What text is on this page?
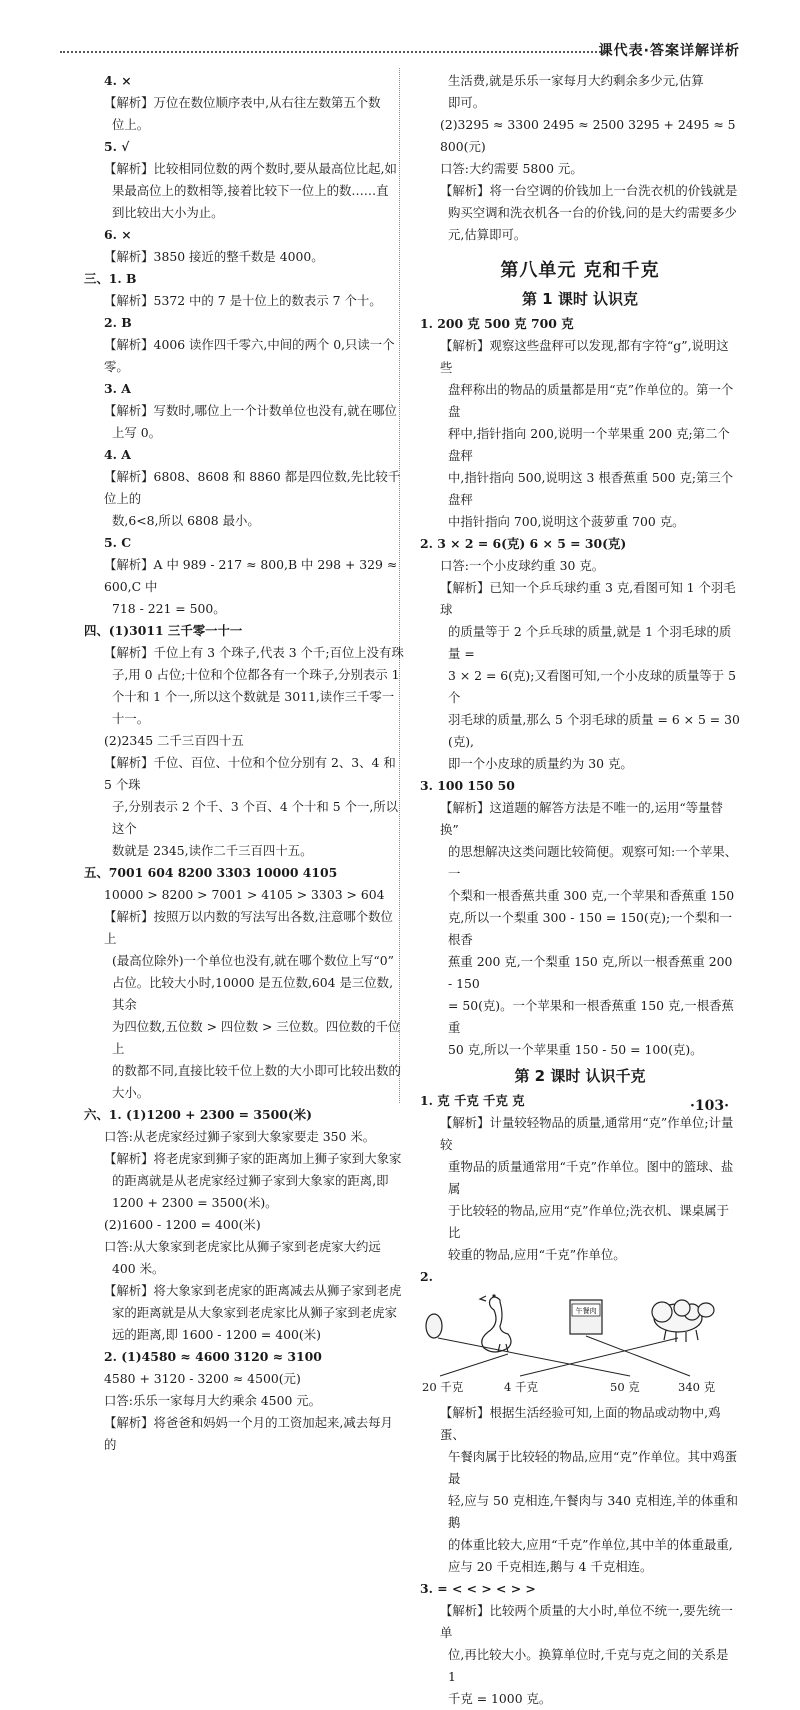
课代表·答案详解详析

4. ×

【解析】万位在数位顺序表中,从右往左数第五个数

位上。

5. √

【解析】比较相同位数的两个数时,要从最高位比起,如

果最高位上的数相等,接着比较下一位上的数……直

到比较出大小为止。

6. ×

【解析】3850 接近的整千数是 4000。

三、1. B

【解析】5372 中的 7 是十位上的数表示 7 个十。

2. B

【解析】4006 读作四千零六,中间的两个 0,只读一个零。

3. A

【解析】写数时,哪位上一个计数单位也没有,就在哪位

上写 0。

4. A

【解析】6808、8608 和 8860 都是四位数,先比较千位上的

数,6<8,所以 6808 最小。

5. C

【解析】A 中 989 - 217 ≈ 800,B 中 298 + 329 ≈ 600,C 中

718 - 221 = 500。

四、(1)3011 三千零一十一

【解析】千位上有 3 个珠子,代表 3 个千;百位上没有珠

子,用 0 占位;十位和个位都各有一个珠子,分别表示 1

个十和 1 个一,所以这个数就是 3011,读作三千零一

十一。

(2)2345 二千三百四十五

【解析】千位、百位、十位和个位分别有 2、3、4 和 5 个珠

子,分别表示 2 个千、3 个百、4 个十和 5 个一,所以这个

数就是 2345,读作二千三百四十五。

五、7001 604 8200 3303 10000 4105

10000 > 8200 > 7001 > 4105 > 3303 > 604

【解析】按照万以内数的写法写出各数,注意哪个数位上

(最高位除外)一个单位也没有,就在哪个数位上写“0”

占位。比较大小时,10000 是五位数,604 是三位数,其余

为四位数,五位数 > 四位数 > 三位数。四位数的千位上

的数都不同,直接比较千位上数的大小即可比较出数的

大小。

六、1. (1)1200 + 2300 = 3500(米)

口答:从老虎家经过狮子家到大象家要走 350 米。

【解析】将老虎家到狮子家的距离加上狮子家到大象家

的距离就是从老虎家经过狮子家到大象家的距离,即

1200 + 2300 = 3500(米)。

(2)1600 - 1200 = 400(米)

口答:从大象家到老虎家比从狮子家到老虎家大约远

400 米。

【解析】将大象家到老虎家的距离减去从狮子家到老虎

家的距离就是从大象家到老虎家比从狮子家到老虎家

远的距离,即 1600 - 1200 = 400(米)

2. (1)4580 ≈ 4600 3120 ≈ 3100

4580 + 3120 - 3200 ≈ 4500(元)

口答:乐乐一家每月大约乘余 4500 元。

【解析】将爸爸和妈妈一个月的工资加起来,减去每月的

生活费,就是乐乐一家每月大约剩余多少元,估算

即可。

(2)3295 ≈ 3300 2495 ≈ 2500 3295 + 2495 ≈ 5800(元)

口答:大约需要 5800 元。

【解析】将一台空调的价钱加上一台洗衣机的价钱就是

购买空调和洗衣机各一台的价钱,问的是大约需要多少

元,估算即可。

第八单元 克和千克
第 1 课时 认识克

1. 200 克 500 克 700 克

【解析】观察这些盘秤可以发现,都有字符“g”,说明这些

盘秤称出的物品的质量都是用“克”作单位的。第一个盘

秤中,指针指向 200,说明一个苹果重 200 克;第二个盘秤

中,指针指向 500,说明这 3 根香蕉重 500 克;第三个盘秤

中指针指向 700,说明这个菠萝重 700 克。

2. 3 × 2 = 6(克) 6 × 5 = 30(克)

口答:一个小皮球约重 30 克。

【解析】已知一个乒乓球约重 3 克,看图可知 1 个羽毛球

的质量等于 2 个乒乓球的质量,就是 1 个羽毛球的质量 =

3 × 2 = 6(克);又看图可知,一个小皮球的质量等于 5 个

羽毛球的质量,那么 5 个羽毛球的质量 = 6 × 5 = 30(克),

即一个小皮球的质量约为 30 克。

3. 100 150 50

【解析】这道题的解答方法是不唯一的,运用“等量替换”

的思想解决这类问题比较简便。观察可知:一个苹果、一

个梨和一根香蕉共重 300 克,一个苹果和香蕉重 150

克,所以一个梨重 300 - 150 = 150(克);一个梨和一根香

蕉重 200 克,一个梨重 150 克,所以一根香蕉重 200 - 150

= 50(克)。一个苹果和一根香蕉重 150 克,一根香蕉重

50 克,所以一个苹果重 150 - 50 = 100(克)。

第 2 课时 认识千克

1. 克 千克 千克 克

【解析】计量较轻物品的质量,通常用“克”作单位;计量较

重物品的质量通常用“千克”作单位。图中的篮球、盐属

于比较轻的物品,应用“克”作单位;洗衣机、课桌属于比

较重的物品,应用“千克”作单位。

2.

午餐肉
20 千克	4 千克	50 克	340 克

【解析】根据生活经验可知,上面的物品或动物中,鸡蛋、

午餐肉属于比较轻的物品,应用“克”作单位。其中鸡蛋最

轻,应与 50 克相连,午餐肉与 340 克相连,羊的体重和鹅

的体重比较大,应用“千克”作单位,其中羊的体重最重,

应与 20 千克相连,鹅与 4 千克相连。

3. = < < > < > >

【解析】比较两个质量的大小时,单位不统一,要先统一单

位,再比较大小。换算单位时,千克与克之间的关系是 1

千克 = 1000 克。

·103·
